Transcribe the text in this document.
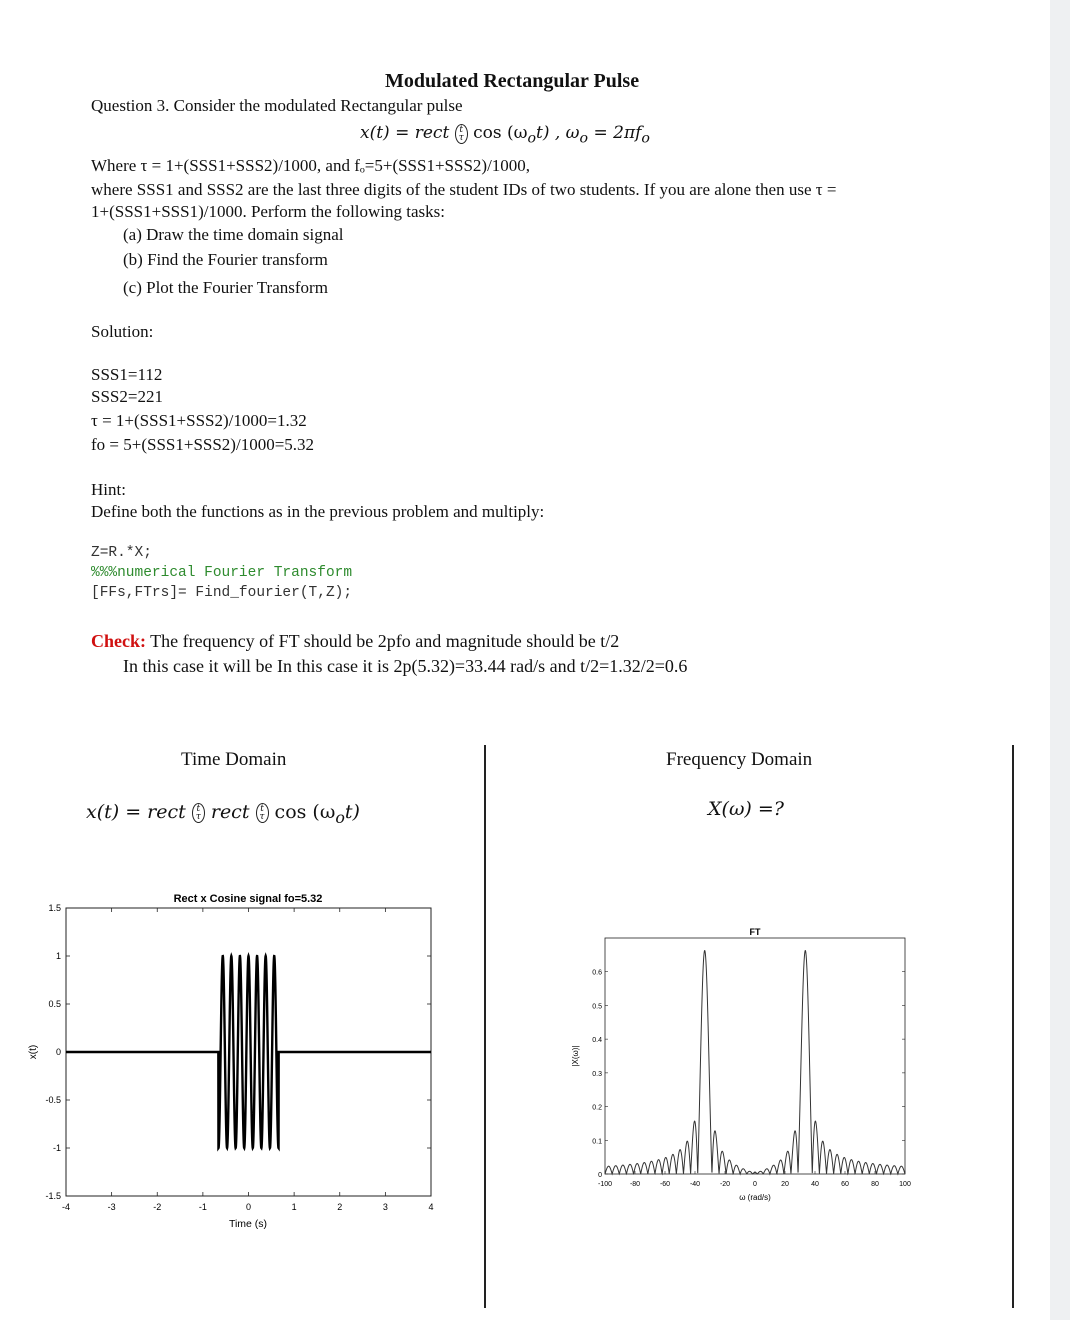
Modulated Rectangular Pulse
Question 3. Consider the modulated Rectangular pulse
x(t) = rect t
τ $\cos (\omega_ot)$ , $\omega_o = 2\pi f_o$
Where τ = 1+(SSS1+SSS2)/1000, and fₒ=5+(SSS1+SSS2)/1000,
where SSS1 and SSS2 are the last three digits of the student IDs of two students. If you are alone then use τ =
1+(SSS1+SSS1)/1000. Perform the following tasks:
(a) Draw the time domain signal
(b) Find the Fourier transform
(c) Plot the Fourier Transform
Solution:
SSS1=112
SSS2=221
τ = 1+(SSS1+SSS2)/1000=1.32
fo = 5+(SSS1+SSS2)/1000=5.32
Hint:
Define both the functions as in the previous problem and multiply:
Z=R.*X;
%%%numerical Fourier Transform
[FFs,FTrs]= Find_fourier(T,Z);
Check: The frequency of FT should be 2pfo and magnitude should be t/2
In this case it will be In this case it is 2p(5.32)=33.44 rad/s and t/2=1.32/2=0.6
Time Domain	Frequency Domain
x(t) = rect t
τ rect t
τ $\cos (\omega_ot)$	X(ω) =?
Rect x Cosine signal fo=5.32
1.5
1
0.5
0
-0.5
-1
-1.5
-4	-3	-2	-1	0	1	2	3	4
Time (s)
x(t)
FT
0.6
0.5
0.4
0.3
0.2
0.1
0
-100	-80	-60	-40	-20	0	20	40	60	80	100
ω (rad/s)
|X(ω)|
